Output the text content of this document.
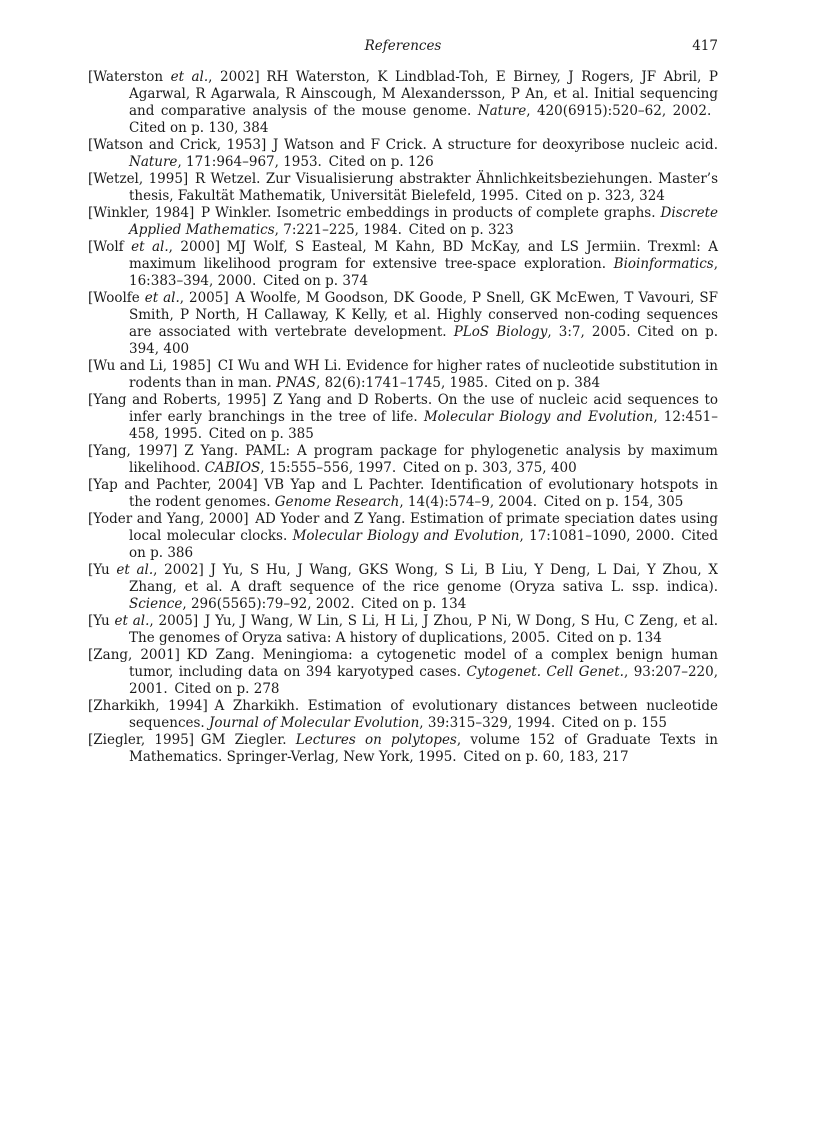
References	417

[Waterston et al., 2002]  RH Waterston, K Lindblad-Toh, E Birney, J Rogers, JF Abril, P Agarwal, R Agarwala, R Ainscough, M Alexandersson, P An, et al. Initial sequencing and comparative analysis of the mouse genome. Nature, 420(6915):520–62, 2002. Cited on p. 130, 384

[Watson and Crick, 1953]  J Watson and F Crick. A structure for deoxyribose nucleic acid. Nature, 171:964–967, 1953.  Cited on p. 126

[Wetzel, 1995]  R Wetzel. Zur Visualisierung abstrakter Ähnlichkeitsbeziehungen. Master’s thesis, Fakultät Mathematik, Universität Bielefeld, 1995.  Cited on p. 323, 324

[Winkler, 1984]  P Winkler. Isometric embeddings in products of complete graphs. Discrete Applied Mathematics, 7:221–225, 1984.  Cited on p. 323

[Wolf et al., 2000]  MJ Wolf, S Easteal, M Kahn, BD McKay, and LS Jermiin. Trexml: A maximum likelihood program for extensive tree-space exploration. Bioinformatics, 16:383–394, 2000.  Cited on p. 374

[Woolfe et al., 2005]  A Woolfe, M Goodson, DK Goode, P Snell, GK McEwen, T Vavouri, SF Smith, P North, H Callaway, K Kelly, et al. Highly conserved non-coding sequences are associated with vertebrate development. PLoS Biology, 3:7, 2005.  Cited on p. 394, 400

[Wu and Li, 1985]  CI Wu and WH Li. Evidence for higher rates of nucleotide substitution in rodents than in man. PNAS, 82(6):1741–1745, 1985.  Cited on p. 384

[Yang and Roberts, 1995]  Z Yang and D Roberts. On the use of nucleic acid sequences to infer early branchings in the tree of life. Molecular Biology and Evolution, 12:451–458, 1995.  Cited on p. 385

[Yang, 1997]  Z Yang. PAML: A program package for phylogenetic analysis by maximum likelihood. CABIOS, 15:555–556, 1997.  Cited on p. 303, 375, 400

[Yap and Pachter, 2004]  VB Yap and L Pachter. Identification of evolutionary hotspots in the rodent genomes. Genome Research, 14(4):574–9, 2004.  Cited on p. 154, 305

[Yoder and Yang, 2000]  AD Yoder and Z Yang. Estimation of primate speciation dates using local molecular clocks. Molecular Biology and Evolution, 17:1081–1090, 2000.  Cited on p. 386

[Yu et al., 2002]  J Yu, S Hu, J Wang, GKS Wong, S Li, B Liu, Y Deng, L Dai, Y Zhou, X Zhang, et al. A draft sequence of the rice genome (Oryza sativa L. ssp. indica). Science, 296(5565):79–92, 2002.  Cited on p. 134

[Yu et al., 2005]  J Yu, J Wang, W Lin, S Li, H Li, J Zhou, P Ni, W Dong, S Hu, C Zeng, et al. The genomes of Oryza sativa: A history of duplications, 2005.  Cited on p. 134

[Zang, 2001]  KD Zang. Meningioma: a cytogenetic model of a complex benign human tumor, including data on 394 karyotyped cases. Cytogenet. Cell Genet., 93:207–220, 2001.  Cited on p. 278

[Zharkikh, 1994]  A Zharkikh. Estimation of evolutionary distances between nucleotide sequences. Journal of Molecular Evolution, 39:315–329, 1994.  Cited on p. 155

[Ziegler, 1995]  GM Ziegler. Lectures on polytopes, volume 152 of Graduate Texts in Mathematics. Springer-Verlag, New York, 1995.  Cited on p. 60, 183, 217
